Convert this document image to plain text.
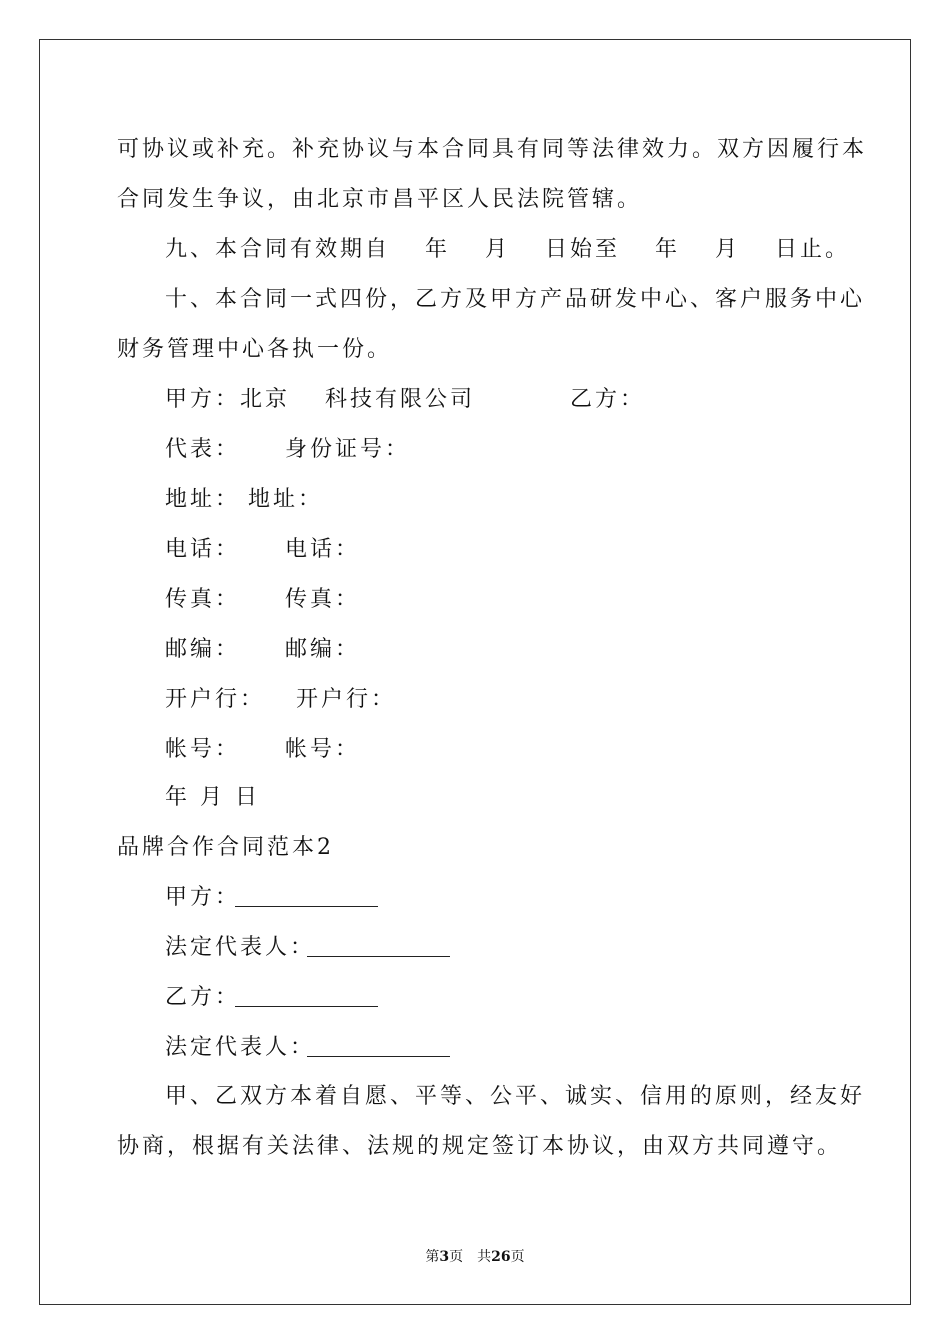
可协议或补充。补充协议与本合同具有同等法律效力。双方因履行本
合同发生争议，由北京市昌平区人民法院管辖。
九、本合同有效期自　 年　 月　 日始至　 年　 月　 日止。
十、本合同一式四份，乙方及甲方产品研发中心、客户服务中心
财务管理中心各执一份。
甲方：北京　 科技有限公司	乙方：
代表： 身份证号：
地址： 地址：
电话： 电话：
传真： 传真：
邮编： 邮编：
开户行： 开户行：
帐号： 帐号：
年 月 日
品牌合作合同范本2
甲方：
法定代表人：
乙方：
法定代表人：
甲、乙双方本着自愿、平等、公平、诚实、信用的原则，经友好
协商，根据有关法律、法规的规定签订本协议，由双方共同遵守。
第3页  共26页
